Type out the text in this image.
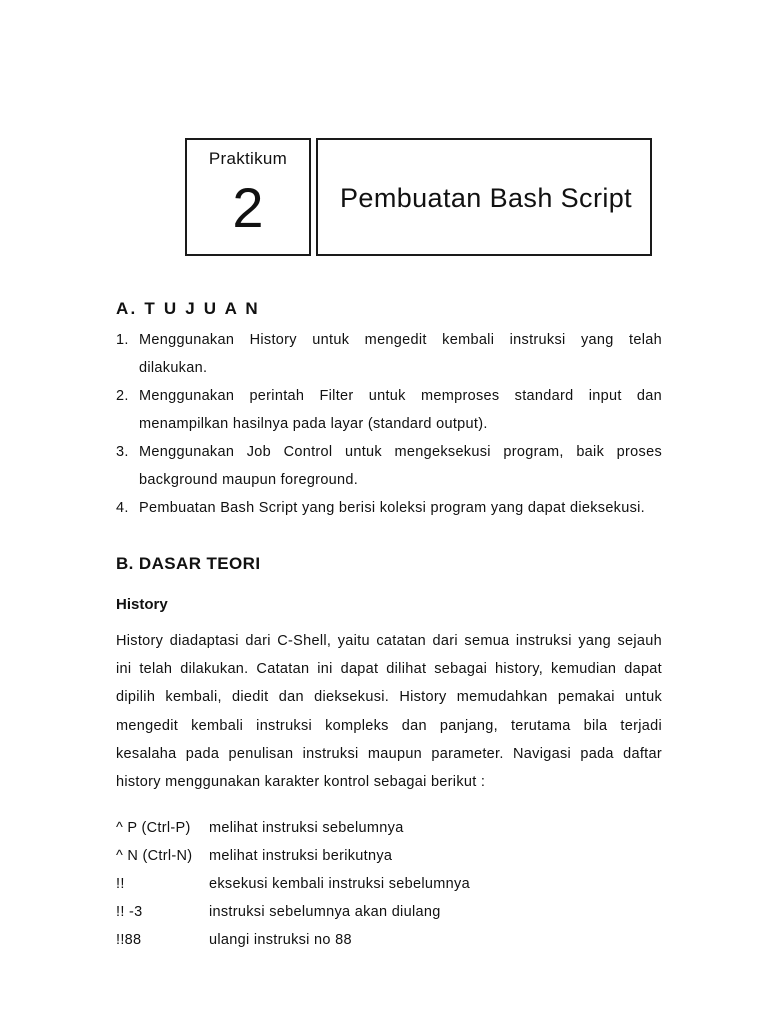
Praktikum
2	Pembuatan Bash Script
A. T U J U A N
1. Menggunakan History untuk mengedit kembali instruksi yang telah
dilakukan.
2. Menggunakan perintah Filter untuk memproses standard input dan
menampilkan hasilnya pada layar (standard output).
3. Menggunakan Job Control untuk mengeksekusi program, baik proses
background maupun foreground.
4. Pembuatan Bash Script yang berisi koleksi program yang dapat dieksekusi.
B. DASAR TEORI
History
History diadaptasi dari C-Shell, yaitu catatan dari semua instruksi yang sejauh
ini telah dilakukan. Catatan ini dapat dilihat sebagai history, kemudian dapat
dipilih kembali, diedit dan dieksekusi. History memudahkan pemakai untuk
mengedit kembali instruksi kompleks dan panjang, terutama bila terjadi
kesalaha pada penulisan instruksi maupun parameter. Navigasi pada daftar
history menggunakan karakter kontrol sebagai berikut :
^ P (Ctrl-P)	melihat instruksi sebelumnya
^ N (Ctrl-N)	melihat instruksi berikutnya
!!	eksekusi kembali instruksi sebelumnya
!! -3	instruksi sebelumnya akan diulang
!!88	ulangi instruksi no 88
